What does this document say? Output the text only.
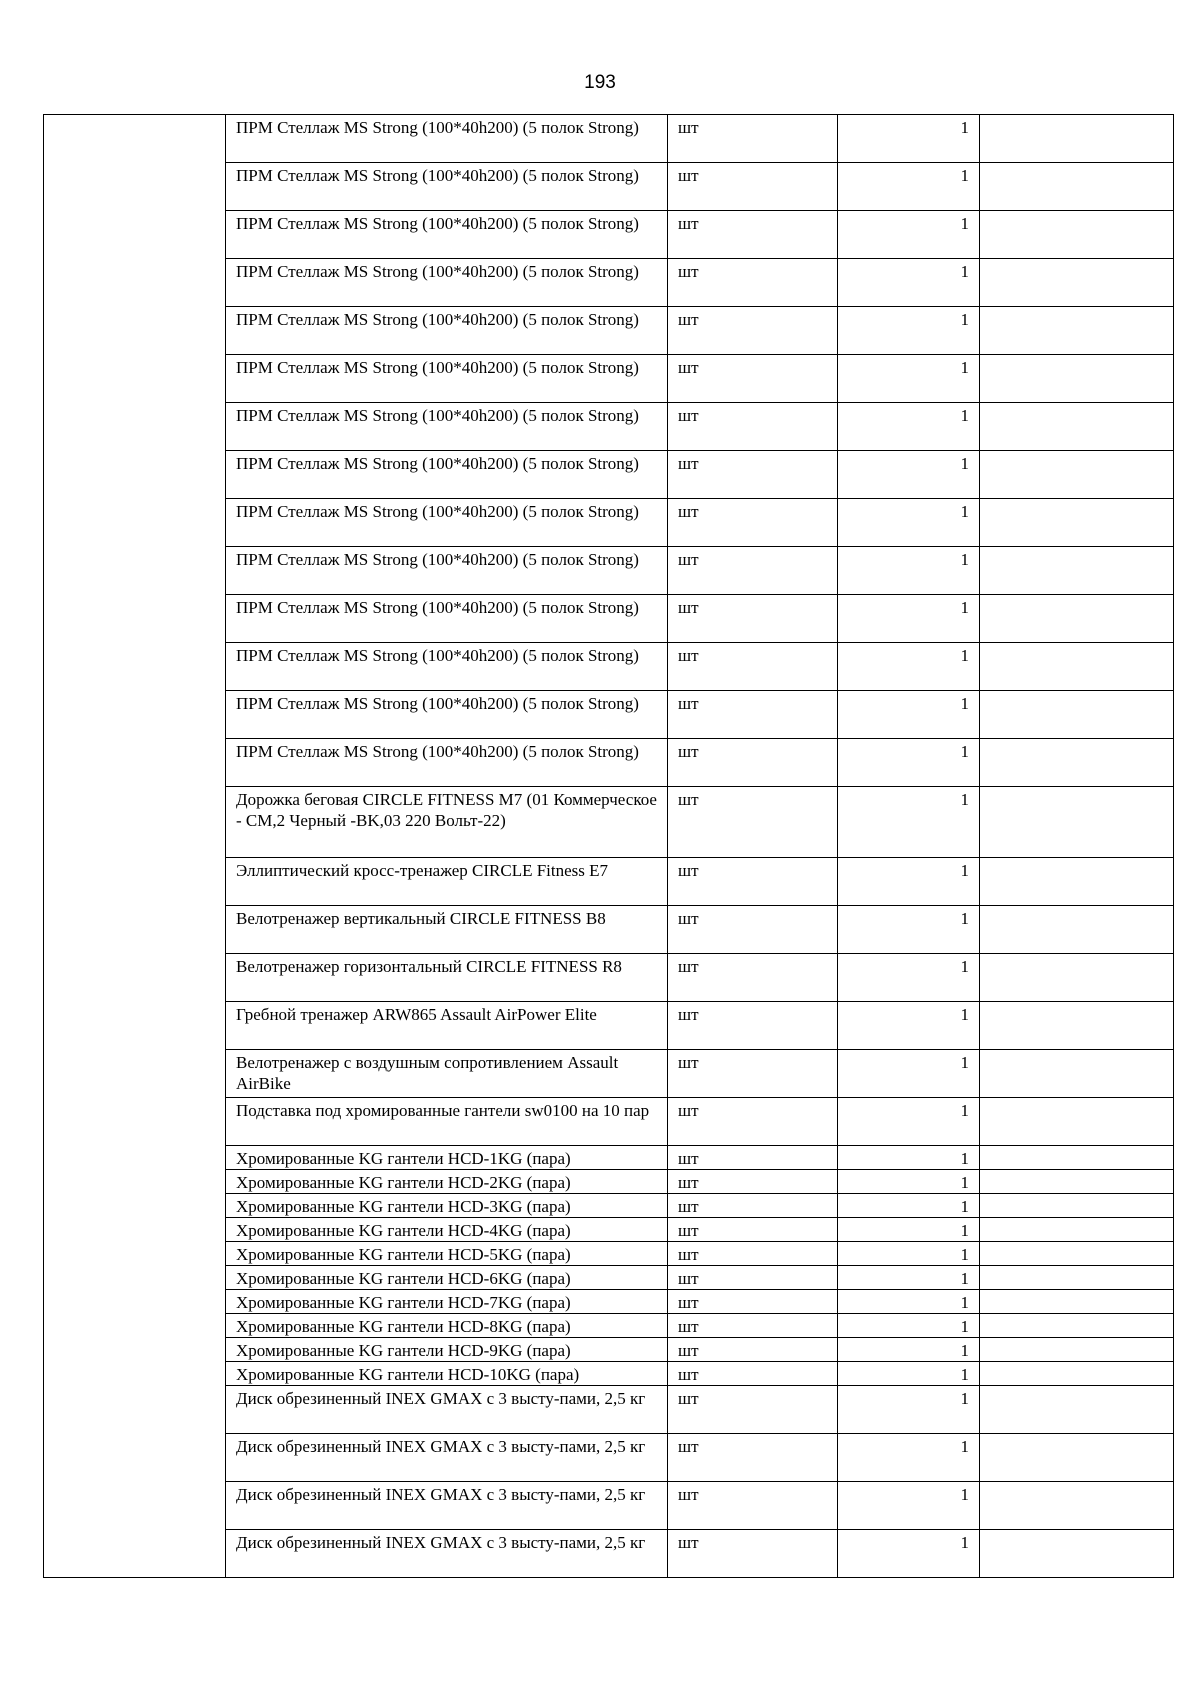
193
	ПРМ Стеллаж MS Strong (100*40h200) (5 полок Strong)	шт	1	
	ПРМ Стеллаж MS Strong (100*40h200) (5 полок Strong)	шт	1	
	ПРМ Стеллаж MS Strong (100*40h200) (5 полок Strong)	шт	1	
	ПРМ Стеллаж MS Strong (100*40h200) (5 полок Strong)	шт	1	
	ПРМ Стеллаж MS Strong (100*40h200) (5 полок Strong)	шт	1	
	ПРМ Стеллаж MS Strong (100*40h200) (5 полок Strong)	шт	1	
	ПРМ Стеллаж MS Strong (100*40h200) (5 полок Strong)	шт	1	
	ПРМ Стеллаж MS Strong (100*40h200) (5 полок Strong)	шт	1	
	ПРМ Стеллаж MS Strong (100*40h200) (5 полок Strong)	шт	1	
	ПРМ Стеллаж MS Strong (100*40h200) (5 полок Strong)	шт	1	
	ПРМ Стеллаж MS Strong (100*40h200) (5 полок Strong)	шт	1	
	ПРМ Стеллаж MS Strong (100*40h200) (5 полок Strong)	шт	1	
	ПРМ Стеллаж MS Strong (100*40h200) (5 полок Strong)	шт	1	
	ПРМ Стеллаж MS Strong (100*40h200) (5 полок Strong)	шт	1	
	Дорожка беговая CIRCLE FITNESS M7 (01 Коммерческое - CM,2 Черный -BK,03 220 Вольт-22)	шт	1	
	Эллиптический кросс-тренажер CIRCLE Fitness E7	шт	1	
	Велотренажер вертикальный CIRCLE FITNESS B8	шт	1	
	Велотренажер горизонтальный CIRCLE FITNESS R8	шт	1	
	Гребной тренажер ARW865 Assault AirPower Elite	шт	1	
	Велотренажер с воздушным сопротивлением Assault AirBike	шт	1	
	Подставка под хромированные гантели sw0100 на 10 пар	шт	1	
	Хромированные KG гантели HCD-1KG (пара)	шт	1	
	Хромированные KG гантели HCD-2KG (пара)	шт	1	
	Хромированные KG гантели HCD-3KG (пара)	шт	1	
	Хромированные KG гантели HCD-4KG (пара)	шт	1	
	Хромированные KG гантели HCD-5KG (пара)	шт	1	
	Хромированные KG гантели HCD-6KG (пара)	шт	1	
	Хромированные KG гантели HCD-7KG (пара)	шт	1	
	Хромированные KG гантели HCD-8KG (пара)	шт	1	
	Хромированные KG гантели HCD-9KG (пара)	шт	1	
	Хромированные KG гантели HCD-10KG (пара)	шт	1	
	Диск обрезиненный INEX GMAX с 3 высту-пами, 2,5 кг	шт	1	
	Диск обрезиненный INEX GMAX с 3 высту-пами, 2,5 кг	шт	1	
	Диск обрезиненный INEX GMAX с 3 высту-пами, 2,5 кг	шт	1	
	Диск обрезиненный INEX GMAX с 3 высту-пами, 2,5 кг	шт	1	
